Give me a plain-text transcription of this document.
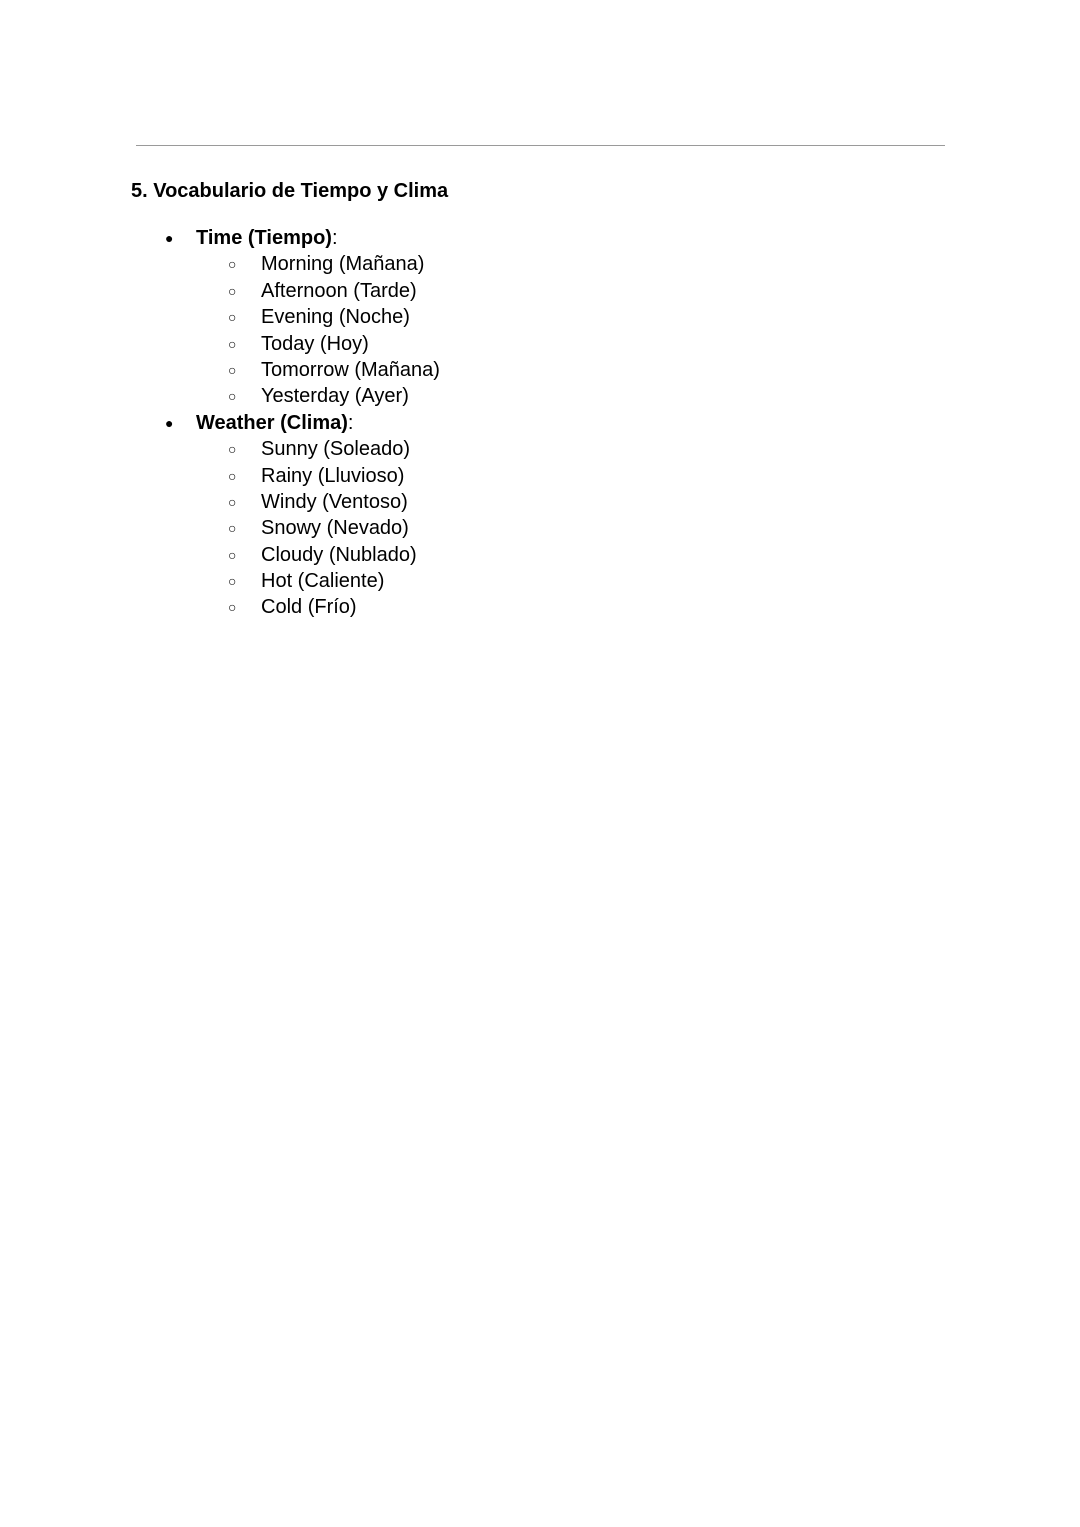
5. Vocabulario de Tiempo y Clima
● Time (Tiempo):
○ Morning (Mañana)
○ Afternoon (Tarde)
○ Evening (Noche)
○ Today (Hoy)
○ Tomorrow (Mañana)
○ Yesterday (Ayer)
● Weather (Clima):
○ Sunny (Soleado)
○ Rainy (Lluvioso)
○ Windy (Ventoso)
○ Snowy (Nevado)
○ Cloudy (Nublado)
○ Hot (Caliente)
○ Cold (Frío)
